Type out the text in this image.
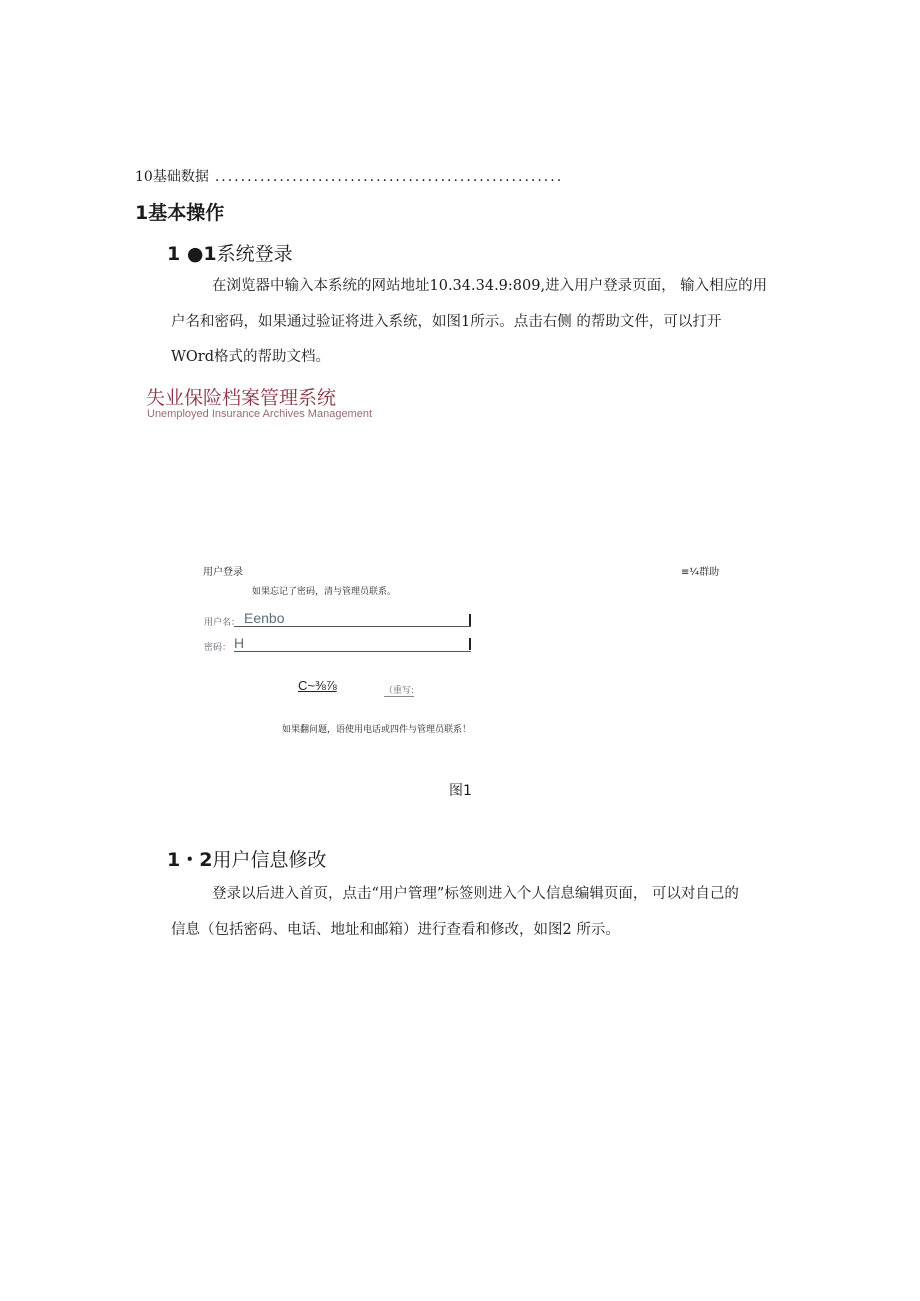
10基础数据 ......................................................
1基本操作
1 ●1系统登录
在浏览器中输入本系统的网站地址10.34.34.9:809,进入用户登录页面， 输入相应的用
户名和密码，如果通过验证将进入系统，如图1所示。点击右侧 的帮助文件，可以打开
WOrd格式的帮助文档。
失业保险档案管理系统
Unemployed Insurance Archives Management
用户登录	≡¼群助
如果忘记了密码，清与管理员联系。
用户名： Eenbo
密码： H
C~⅜⅞	（重写:
如果翻问题，语使用电话或四件与管理员联系！
图1
1・2用户信息修改
登录以后进入首页，点击“用户管理”标签则进入个人信息编辑页面， 可以对自己的
信息（包括密码、电话、地址和邮箱）进行查看和修改，如图2 所示。
